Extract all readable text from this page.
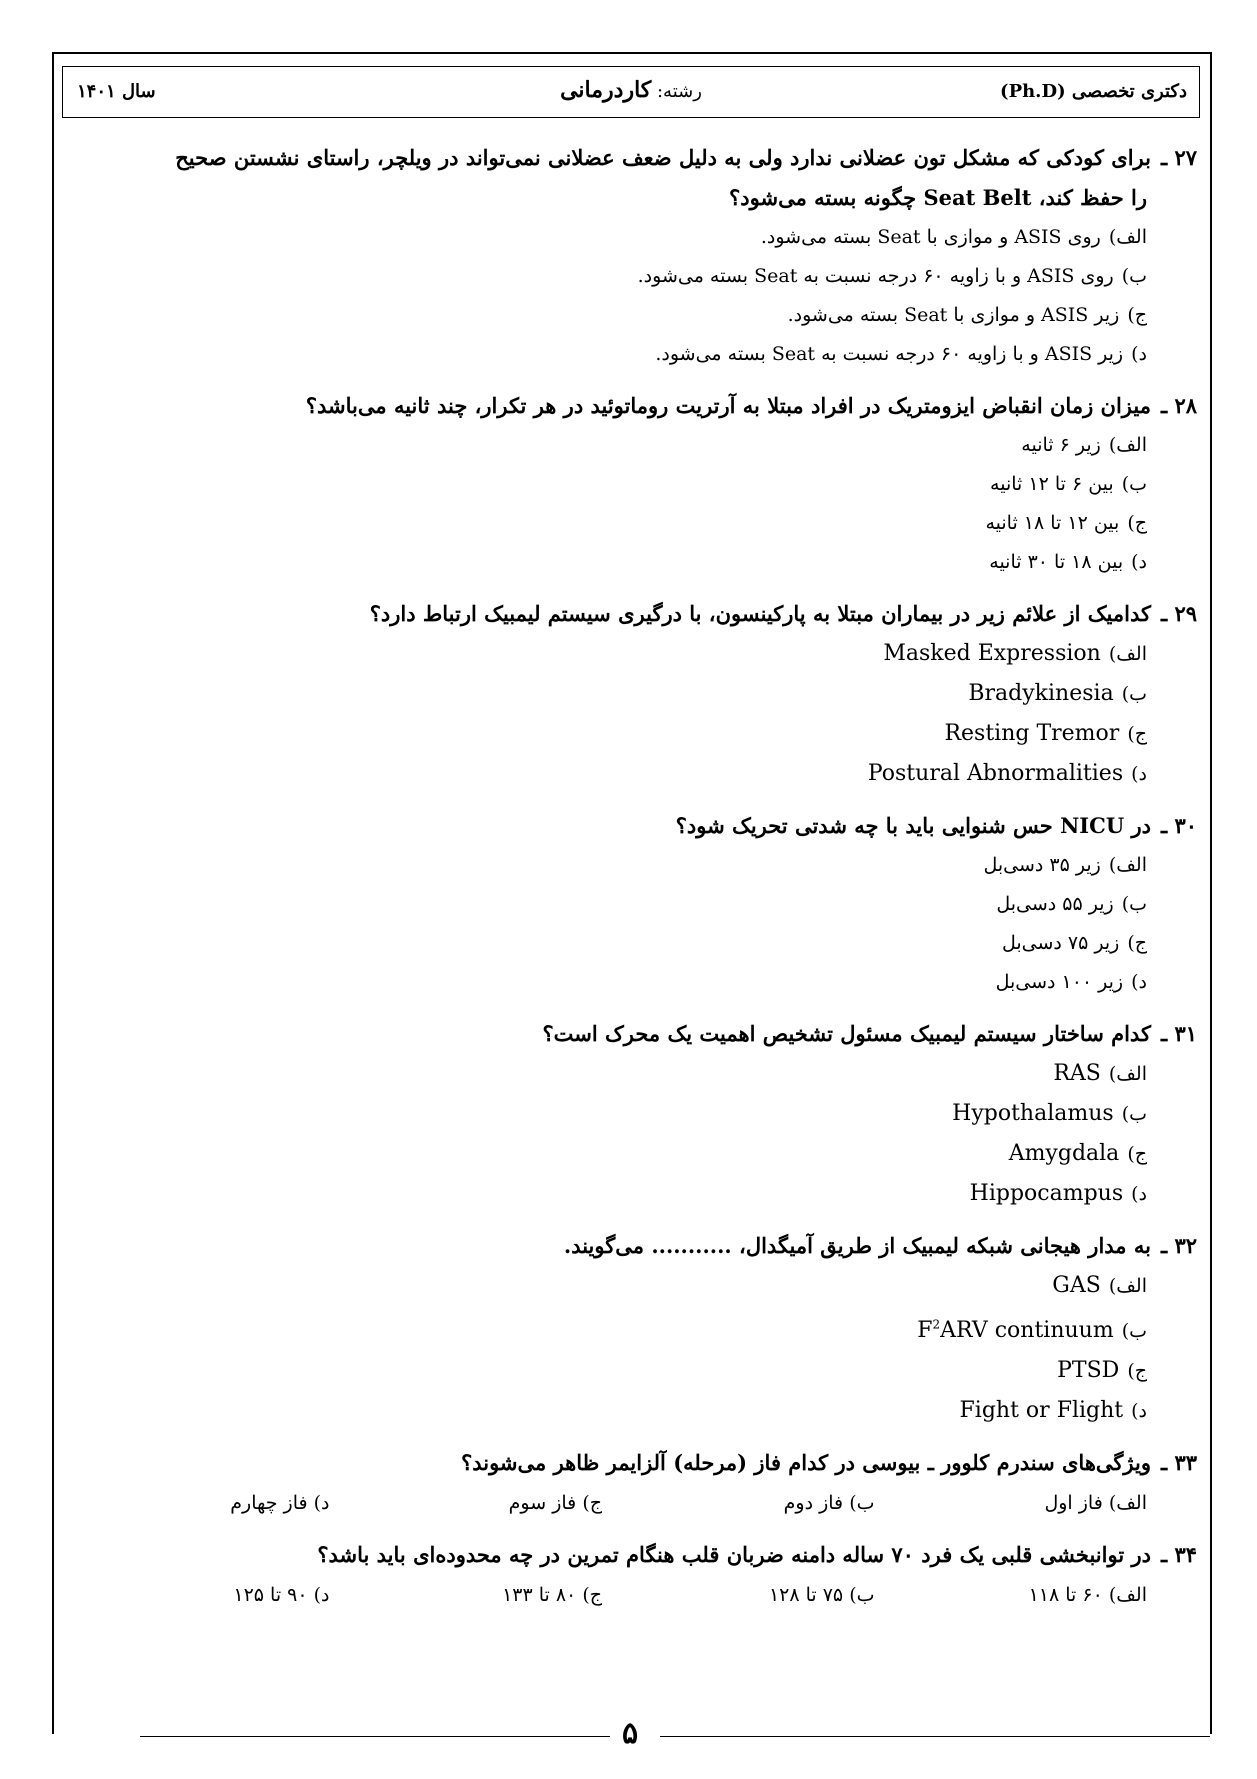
دکتری تخصصی (Ph.D)
رشته: کاردرمانی
سال ۱۴۰۱
۲۷ ـبرای کودکی که مشکل تون عضلانی ندارد ولی به دلیل ضعف عضلانی نمی‌تواند در ویلچر، راستای نشستن صحیح
را حفظ کند، Seat Belt چگونه بسته می‌شود؟
الف)روی ASIS و موازی با Seat بسته می‌شود.
ب)روی ASIS و با زاویه ۶۰ درجه نسبت به Seat بسته می‌شود.
ج)زیر ASIS و موازی با Seat بسته می‌شود.
د)زیر ASIS و با زاویه ۶۰ درجه نسبت به Seat بسته می‌شود.
۲۸ ـمیزان زمان انقباض ایزومتریک در افراد مبتلا به آرتریت روماتوئید در هر تکرار، چند ثانیه می‌باشد؟
الف)زیر ۶ ثانیه
ب)بین ۶ تا ۱۲ ثانیه
ج)بین ۱۲ تا ۱۸ ثانیه
د)بین ۱۸ تا ۳۰ ثانیه
۲۹ ـکدامیک از علائم زیر در بیماران مبتلا به پارکینسون، با درگیری سیستم لیمبیک ارتباط دارد؟
الف)Masked Expression
ب)Bradykinesia
ج)Resting Tremor
د)Postural Abnormalities
۳۰ ـدر NICU حس شنوایی باید با چه شدتی تحریک شود؟
الف)زیر ۳۵ دسی‌بل
ب)زیر ۵۵ دسی‌بل
ج)زیر ۷۵ دسی‌بل
د)زیر ۱۰۰ دسی‌بل
۳۱ ـکدام ساختار سیستم لیمبیک مسئول تشخیص اهمیت یک محرک است؟
الف)RAS
ب)Hypothalamus
ج)Amygdala
د)Hippocampus
۳۲ ـبه مدار هیجانی شبکه لیمبیک از طریق آمیگدال، ........... می‌گویند.
الف)GAS
$ب)F^2ARV$ continuum
ج)PTSD
د)Fight or Flight
۳۳ ـویژگی‌های سندرم کلوور ـ بیوسی در کدام فاز (مرحله) آلزایمر ظاهر می‌شوند؟
الف) فاز اول
ب) فاز دوم
ج) فاز سوم
د) فاز چهارم
۳۴ ـدر توانبخشی قلبی یک فرد ۷۰ ساله دامنه ضربان قلب هنگام تمرین در چه محدوده‌ای باید باشد؟
الف) ۶۰ تا ۱۱۸
ب) ۷۵ تا ۱۲۸
ج) ۸۰ تا ۱۳۳
د) ۹۰ تا ۱۲۵
۵
